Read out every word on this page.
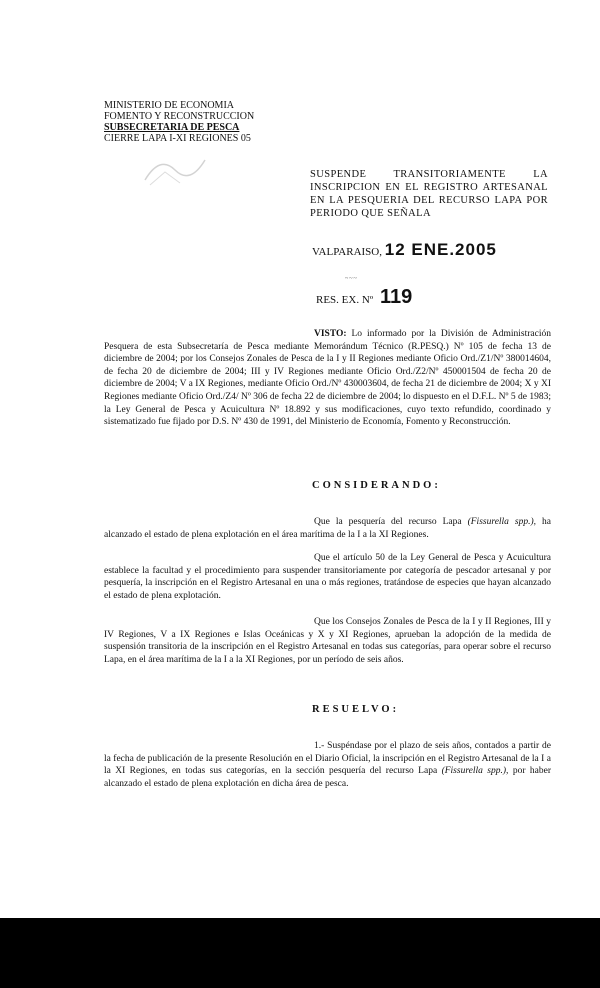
MINISTERIO DE ECONOMIA
FOMENTO Y RECONSTRUCCION
SUBSECRETARIA DE PESCA
CIERRE LAPA I-XI REGIONES 05
SUSPENDE TRANSITORIAMENTE LA INSCRIPCION EN EL REGISTRO ARTESANAL EN LA PESQUERIA DEL RECURSO LAPA POR PERIODO QUE SEÑALA
VALPARAISO, 12 ENE.2005
~~~
RES. EX. Nº 119
VISTO: Lo informado por la División de Administración Pesquera de esta Subsecretaría de Pesca mediante Memorándum Técnico (R.PESQ.) Nº 105 de fecha 13 de diciembre de 2004; por los Consejos Zonales de Pesca de la I y II Regiones mediante Oficio Ord./Z1/Nº 380014604, de fecha 20 de diciembre de 2004; III y IV Regiones mediante Oficio Ord./Z2/Nº 450001504 de fecha 20 de diciembre de 2004; V a IX Regiones, mediante Oficio Ord./Nº 430003604, de fecha 21 de diciembre de 2004; X y XI Regiones mediante Oficio Ord./Z4/ Nº 306 de fecha 22 de diciembre de 2004; lo dispuesto en el D.F.L. Nº 5 de 1983; la Ley General de Pesca y Acuicultura Nº 18.892 y sus modificaciones, cuyo texto refundido, coordinado y sistematizado fue fijado por D.S. Nº 430 de 1991, del Ministerio de Economía, Fomento y Reconstrucción.
CONSIDERANDO:
Que la pesquería del recurso Lapa (Fissurella spp.), ha alcanzado el estado de plena explotación en el área marítima de la I a la XI Regiones.
Que el artículo 50 de la Ley General de Pesca y Acuicultura establece la facultad y el procedimiento para suspender transitoriamente por categoría de pescador artesanal y por pesquería, la inscripción en el Registro Artesanal en una o más regiones, tratándose de especies que hayan alcanzado el estado de plena explotación.
Que los Consejos Zonales de Pesca de la I y II Regiones, III y IV Regiones, V a IX Regiones e Islas Oceánicas y X y XI Regiones, aprueban la adopción de la medida de suspensión transitoria de la inscripción en el Registro Artesanal en todas sus categorías, para operar sobre el recurso Lapa, en el área marítima de la I a la XI Regiones, por un período de seis años.
RESUELVO:
1.- Suspéndase por el plazo de seis años, contados a partir de la fecha de publicación de la presente Resolución en el Diario Oficial, la inscripción en el Registro Artesanal de la I a la XI Regiones, en todas sus categorías, en la sección pesquería del recurso Lapa (Fissurella spp.), por haber alcanzado el estado de plena explotación en dicha área de pesca.
